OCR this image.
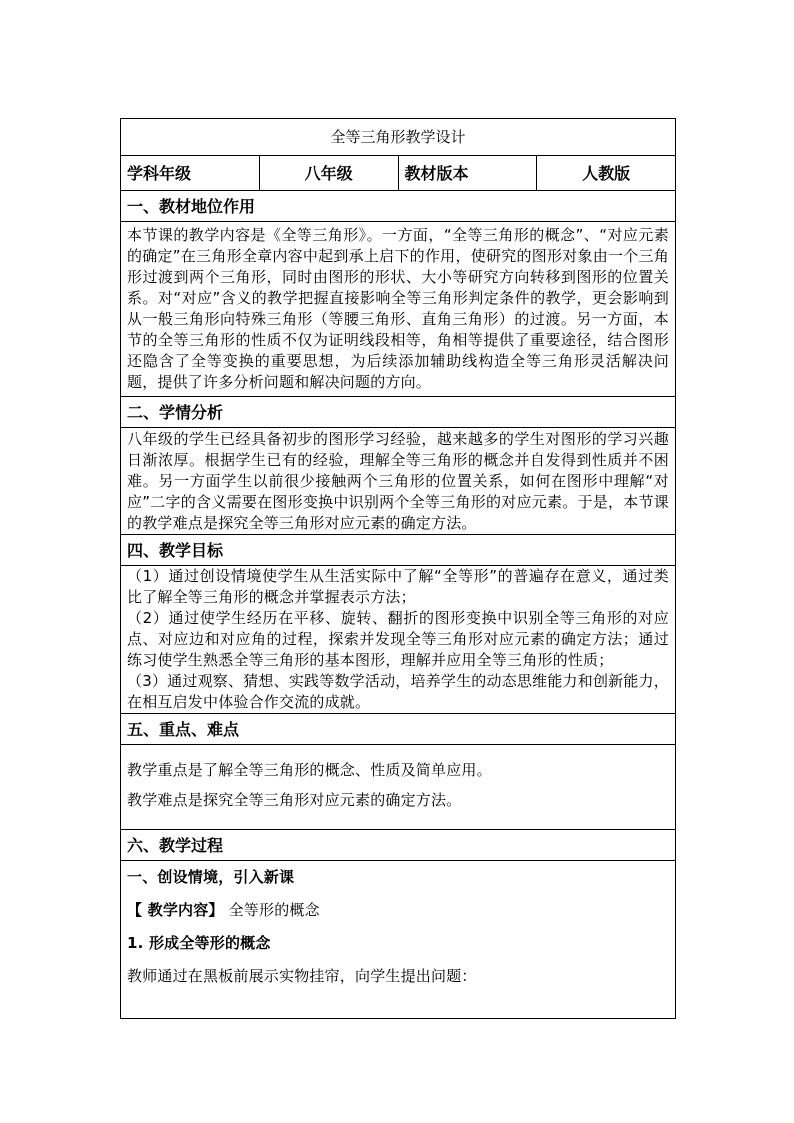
全等三角形教学设计
学科年级	八年级	教材版本	人教版
一、教材地位作用

本节课的教学内容是《全等三角形》。一方面，“全等三角形的概念”、“对应元素的确定”在三角形全章内容中起到承上启下的作用，使研究的图形对象由一个三角形过渡到两个三角形，同时由图形的形状、大小等研究方向转移到图形的位置关系。对“对应”含义的教学把握直接影响全等三角形判定条件的教学，更会影响到从一般三角形向特殊三角形（等腰三角形、直角三角形）的过渡。另一方面，本节的全等三角形的性质不仅为证明线段相等，角相等提供了重要途径，结合图形还隐含了全等变换的重要思想，为后续添加辅助线构造全等三角形灵活解决问题，提供了许多分析问题和解决问题的方向。

二、学情分析

八年级的学生已经具备初步的图形学习经验，越来越多的学生对图形的学习兴趣日渐浓厚。根据学生已有的经验，理解全等三角形的概念并自发得到性质并不困难。另一方面学生以前很少接触两个三角形的位置关系，如何在图形中理解“对应”二字的含义需要在图形变换中识别两个全等三角形的对应元素。于是，本节课的教学难点是探究全等三角形对应元素的确定方法。

四、教学目标

（1）通过创设情境使学生从生活实际中了解“全等形”的普遍存在意义，通过类比了解全等三角形的概念并掌握表示方法；

（2）通过使学生经历在平移、旋转、翻折的图形变换中识别全等三角形的对应点、对应边和对应角的过程，探索并发现全等三角形对应元素的确定方法；通过练习使学生熟悉全等三角形的基本图形，理解并应用全等三角形的性质；

（3）通过观察、猜想、实践等数学活动，培养学生的动态思维能力和创新能力，在相互启发中体验合作交流的成就。

五、重点、难点

教学重点是了解全等三角形的概念、性质及简单应用。

教学难点是探究全等三角形对应元素的确定方法。

六、教学过程

一、创设情境，引入新课

【 教学内容】 全等形的概念

1. 形成全等形的概念

教师通过在黑板前展示实物挂帘，向学生提出问题：
